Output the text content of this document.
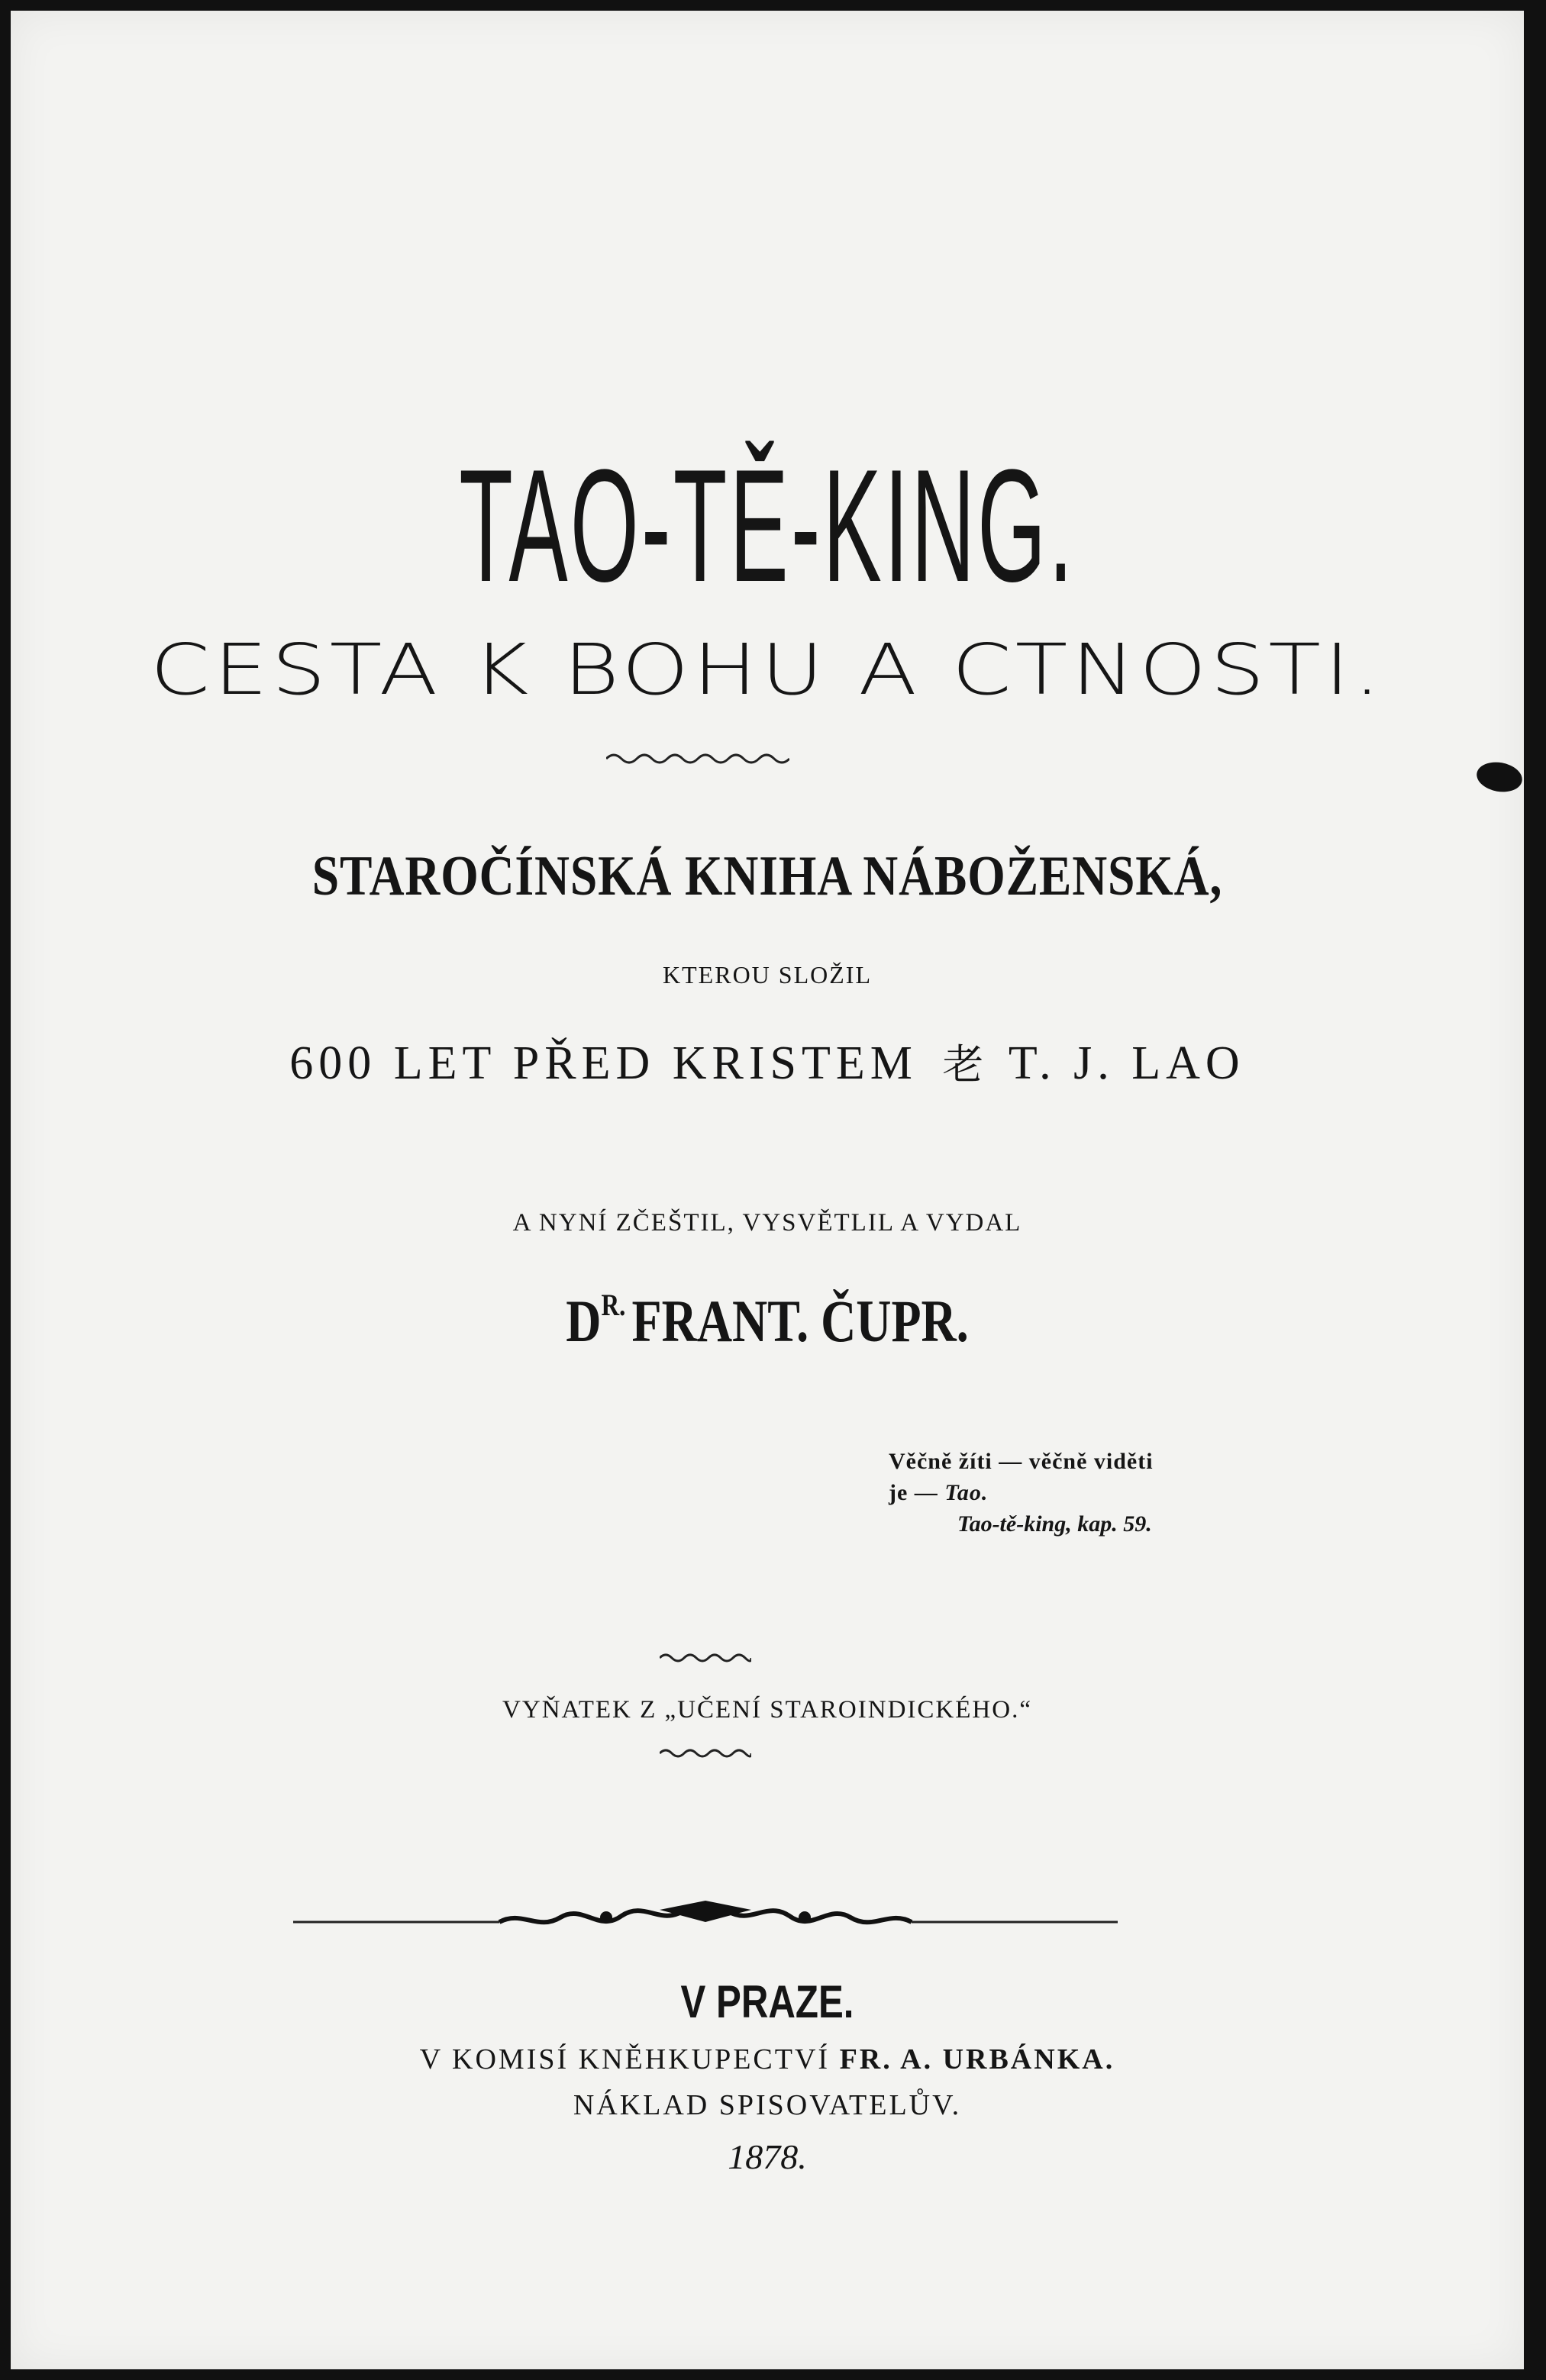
TAO-TĚ-KING.
CESTA K BOHU A CTNOSTI.
STAROČÍNSKÁ KNIHA NÁBOŽENSKÁ,
KTEROU SLOŽIL
600 LET PŘED KRISTEM 老 T. J. LAO
A NYNÍ ZČEŠTIL, VYSVĚTLIL A VYDAL
$D^{R.}$ FRANT. ČUPR.
Věčně žíti — věčně viděti
je — Tao.
Tao-tě-king, kap. 59.
VYŇATEK Z „UČENÍ STAROINDICKÉHO.“
V PRAZE.
V KOMISÍ KNĚHKUPECTVÍ FR. A. URBÁNKA.
NÁKLAD SPISOVATELŮV.
1878.
